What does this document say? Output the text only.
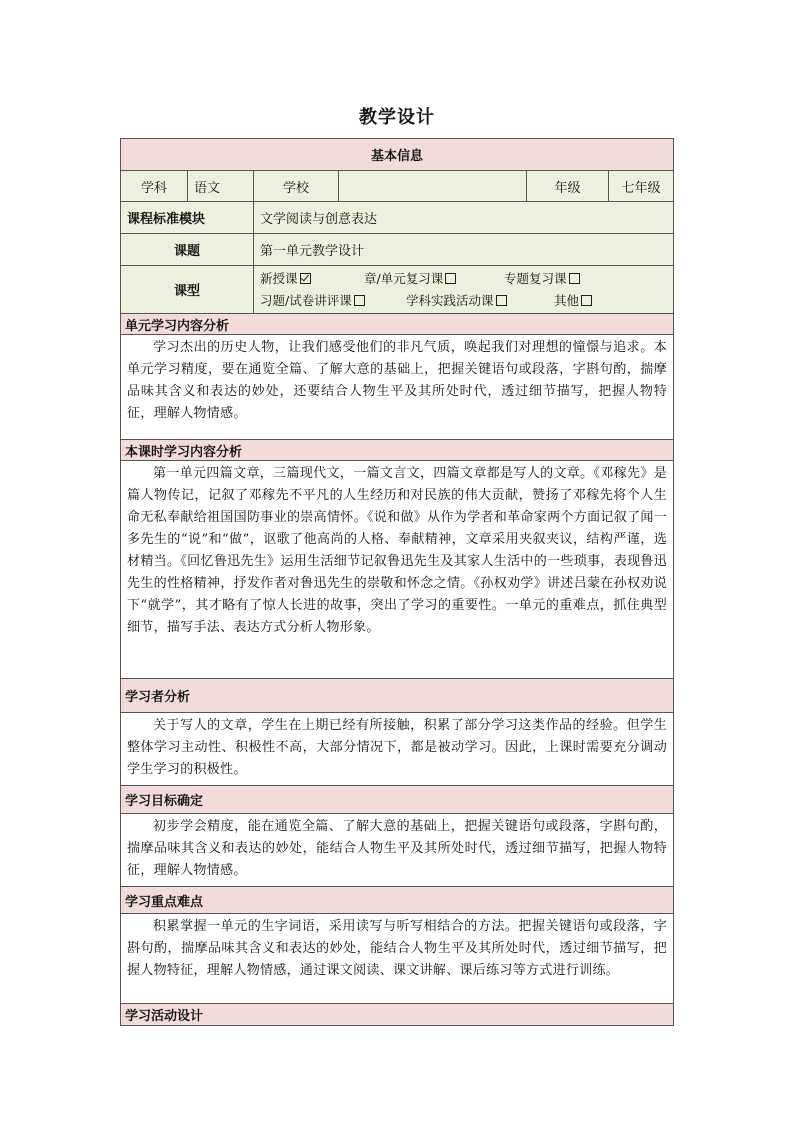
教学设计
基本信息					
学科	语文	学校		年级	七年级
课程标准模块		文学阅读与创意表达			
课题		第一单元教学设计			
课型		新授课 章/单元复习课 专题复习课
习题/试卷讲评课 学科实践活动课 其他			

单元学习内容分析					
学习杰出的历史人物，让我们感受他们的非凡气质，唤起我们对理想的憧憬与追求。本单元学习精度，要在通览全篇、了解大意的基础上，把握关键语句或段落，字斟句酌，揣摩品味其含义和表达的妙处，还要结合人物生平及其所处时代，透过细节描写，把握人物特征，理解人物情感。					
本课时学习内容分析					
第一单元四篇文章，三篇现代文，一篇文言文，四篇文章都是写人的文章。《邓稼先》是篇人物传记，记叙了邓稼先不平凡的人生经历和对民族的伟大贡献，赞扬了邓稼先将个人生命无私奉献给祖国国防事业的崇高情怀。《说和做》从作为学者和革命家两个方面记叙了闻一多先生的“说”和“做”，讴歌了他高尚的人格、奉献精神，文章采用夹叙夹议，结构严谨，选材精当。《回忆鲁迅先生》运用生活细节记叙鲁迅先生及其家人生活中的一些琐事，表现鲁迅先生的性格精神，抒发作者对鲁迅先生的崇敬和怀念之情。《孙权劝学》讲述吕蒙在孙权劝说下“就学”，其才略有了惊人长进的故事，突出了学习的重要性。一单元的重难点，抓住典型细节，描写手法、表达方式分析人物形象。					
学习者分析					
关于写人的文章，学生在上期已经有所接触，积累了部分学习这类作品的经验。但学生整体学习主动性、积极性不高，大部分情况下，都是被动学习。因此，上课时需要充分调动学生学习的积极性。					
学习目标确定					
初步学会精度，能在通览全篇、了解大意的基础上，把握关键语句或段落，字斟句酌，揣摩品味其含义和表达的妙处，能结合人物生平及其所处时代，透过细节描写，把握人物特征，理解人物情感。					
学习重点难点					
积累掌握一单元的生字词语，采用读写与听写相结合的方法。把握关键语句或段落，字斟句酌，揣摩品味其含义和表达的妙处，能结合人物生平及其所处时代，透过细节描写，把握人物特征，理解人物情感，通过课文阅读、课文讲解、课后练习等方式进行训练。					
学习活动设计					
